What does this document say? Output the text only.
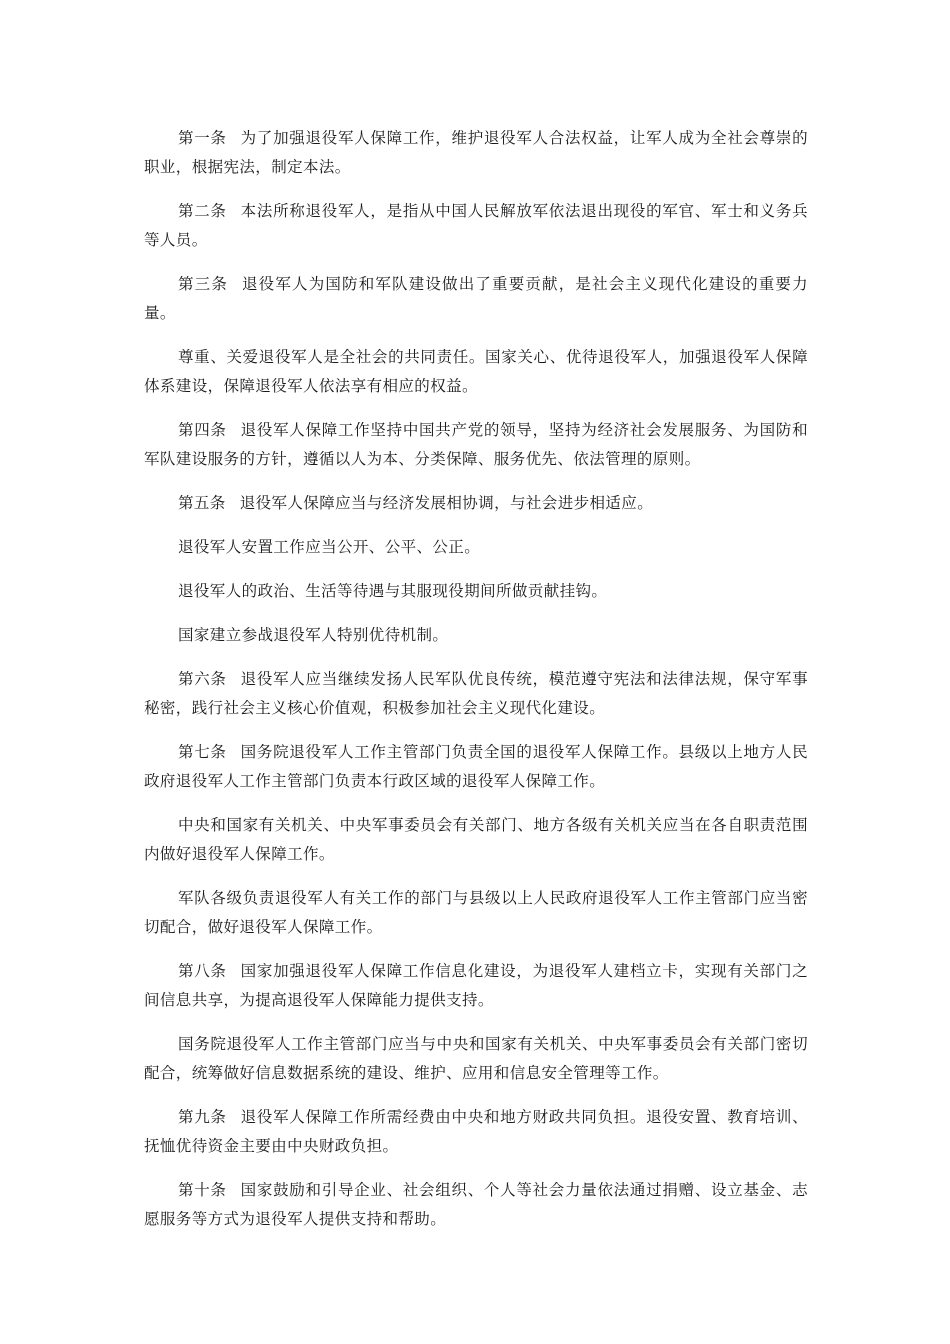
第一条 为了加强退役军人保障工作，维护退役军人合法权益，让军人成为全社会尊崇的职业，根据宪法，制定本法。

第二条 本法所称退役军人，是指从中国人民解放军依法退出现役的军官、军士和义务兵等人员。

第三条 退役军人为国防和军队建设做出了重要贡献，是社会主义现代化建设的重要力量。

尊重、关爱退役军人是全社会的共同责任。国家关心、优待退役军人，加强退役军人保障体系建设，保障退役军人依法享有相应的权益。

第四条 退役军人保障工作坚持中国共产党的领导，坚持为经济社会发展服务、为国防和军队建设服务的方针，遵循以人为本、分类保障、服务优先、依法管理的原则。

第五条 退役军人保障应当与经济发展相协调，与社会进步相适应。

退役军人安置工作应当公开、公平、公正。

退役军人的政治、生活等待遇与其服现役期间所做贡献挂钩。

国家建立参战退役军人特别优待机制。

第六条 退役军人应当继续发扬人民军队优良传统，模范遵守宪法和法律法规，保守军事秘密，践行社会主义核心价值观，积极参加社会主义现代化建设。

第七条 国务院退役军人工作主管部门负责全国的退役军人保障工作。县级以上地方人民政府退役军人工作主管部门负责本行政区域的退役军人保障工作。

中央和国家有关机关、中央军事委员会有关部门、地方各级有关机关应当在各自职责范围内做好退役军人保障工作。

军队各级负责退役军人有关工作的部门与县级以上人民政府退役军人工作主管部门应当密切配合，做好退役军人保障工作。

第八条 国家加强退役军人保障工作信息化建设，为退役军人建档立卡，实现有关部门之间信息共享，为提高退役军人保障能力提供支持。

国务院退役军人工作主管部门应当与中央和国家有关机关、中央军事委员会有关部门密切配合，统筹做好信息数据系统的建设、维护、应用和信息安全管理等工作。

第九条 退役军人保障工作所需经费由中央和地方财政共同负担。退役安置、教育培训、抚恤优待资金主要由中央财政负担。

第十条 国家鼓励和引导企业、社会组织、个人等社会力量依法通过捐赠、设立基金、志愿服务等方式为退役军人提供支持和帮助。
